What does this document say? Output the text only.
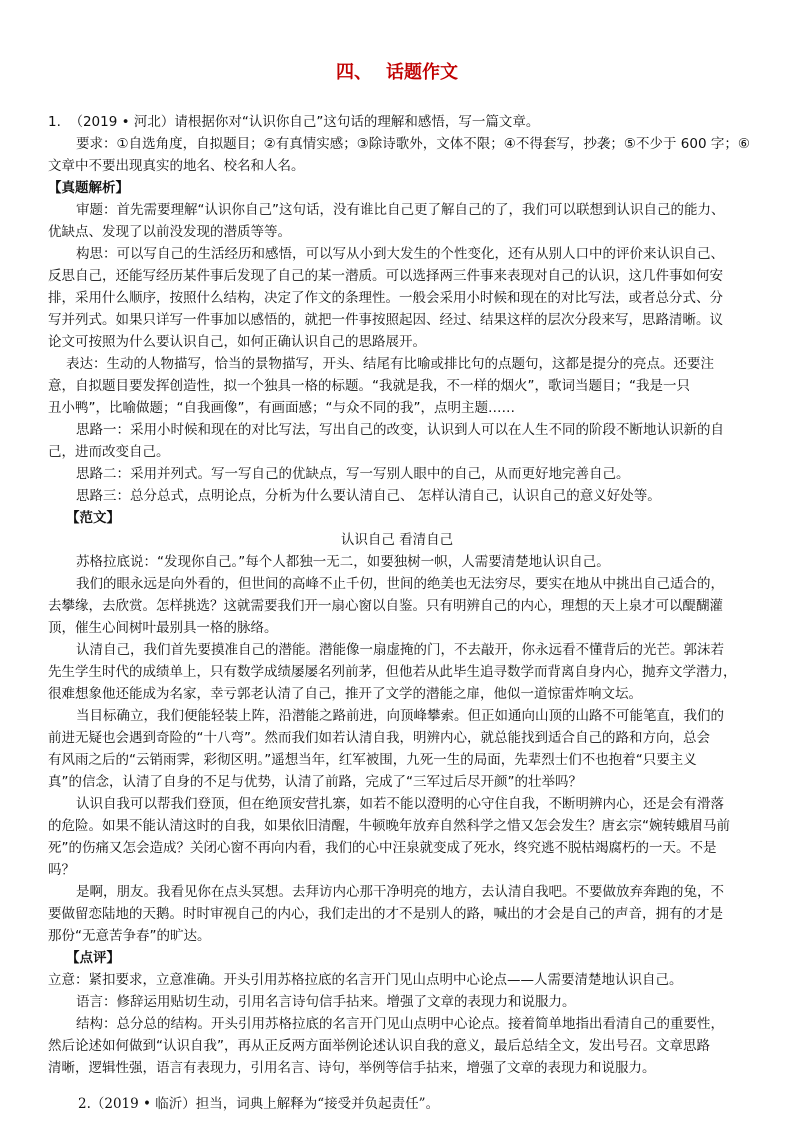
四、 话题作文
1.  （2019 • 河北）请根据你对“认识你自己”这句话的理解和感悟，写一篇文章。
要求：①自选角度，自拟题目；②有真情实感；③除诗歌外，文体不限；④不得套写，抄袭；⑤不少于 600 字；⑥
文章中不要出现真实的地名、校名和人名。
【真题解析】
审题：首先需要理解“认识你自己”这句话，没有谁比自己更了解自己的了，我们可以联想到认识自己的能力、
优缺点、发现了以前没发现的潜质等等。
构思：可以写自己的生活经历和感悟，可以写从小到大发生的个性变化，还有从别人口中的评价来认识自己、
反思自己，还能写经历某件事后发现了自己的某一潜质。可以选择两三件事来表现对自己的认识，这几件事如何安
排，采用什么顺序，按照什么结构，决定了作文的条理性。一般会采用小时候和现在的对比写法，或者总分式、分
写并列式。如果只详写一件事加以感悟的，就把一件事按照起因、经过、结果这样的层次分段来写，思路清晰。议
论文可按照为什么要认识自己，如何正确认识自己的思路展开。
表达：生动的人物描写，恰当的景物描写，开头、结尾有比喻或排比句的点题句，这都是提分的亮点。还要注
意，自拟题目要发挥创造性，拟一个独具一格的标题。“我就是我，不一样的烟火”，歌词当题目；“我是一只
丑小鸭”，比喻做题；“自我画像”，有画面感；“与众不同的我”，点明主题……
思路一：采用小时候和现在的对比写法，写出自己的改变，认识到人可以在人生不同的阶段不断地认识新的自
己，进而改变自己。
思路二：采用并列式。写一写自己的优缺点，写一写别人眼中的自己，从而更好地完善自己。
思路三：总分总式，点明论点，分析为什么要认清自己、 怎样认清自己，认识自己的意义好处等。
【范文】
认识自己 看清自己
苏格拉底说：“发现你自己。”每个人都独一无二，如要独树一帜，人需要清楚地认识自己。
我们的眼永远是向外看的，但世间的高峰不止千仞，世间的绝美也无法穷尽，要实在地从中挑出自己适合的，
去攀缘，去欣赏。怎样挑选？这就需要我们开一扇心窗以自鉴。只有明辨自己的内心，理想的天上泉才可以醍醐灌
顶，催生心间树叶最别具一格的脉络。
认清自己，我们首先要摸准自己的潜能。潜能像一扇虚掩的门，不去敲开，你永远看不懂背后的光芒。郭沫若
先生学生时代的成绩单上，只有数学成绩屡屡名列前茅，但他若从此毕生追寻数学而背离自身内心，抛弃文学潜力，
很难想象他还能成为名家，幸亏郭老认清了自己，推开了文学的潜能之扉，他似一道惊雷炸响文坛。
当目标确立，我们便能轻装上阵，沿潜能之路前进，向顶峰攀索。但正如通向山顶的山路不可能笔直，我们的
前进无疑也会遇到奇险的“十八弯”。然而我们如若认清自我，明辨内心，就总能找到适合自己的路和方向，总会
有风雨之后的“云销雨霁，彩彻区明。”遥想当年，红军被围，九死一生的局面，先辈烈士们不也抱着“只要主义
真”的信念，认清了自身的不足与优势，认清了前路，完成了“三军过后尽开颜”的壮举吗？
认识自我可以帮我们登顶，但在绝顶安营扎寨，如若不能以澄明的心守住自我，不断明辨内心，还是会有滑落
的危险。如果不能认清这时的自我，如果依旧清醒，牛顿晚年放弃自然科学之惜又怎会发生？唐玄宗“婉转蛾眉马前
死”的伤痛又怎会造成？关闭心窗不再向内看，我们的心中汪泉就变成了死水，终究逃不脱枯竭腐朽的一天。不是
吗？
是啊，朋友。我看见你在点头冥想。去拜访内心那干净明亮的地方，去认清自我吧。不要做放弃奔跑的兔，不
要做留恋陆地的天鹅。时时审视自己的内心，我们走出的才不是别人的路，喊出的才会是自己的声音，拥有的才是
那份“无意苦争春”的旷达。
【点评】
立意：紧扣要求，立意准确。开头引用苏格拉底的名言开门见山点明中心论点——人需要清楚地认识自己。
语言：修辞运用贴切生动，引用名言诗句信手拈来。增强了文章的表现力和说服力。
结构：总分总的结构。开头引用苏格拉底的名言开门见山点明中心论点。接着简单地指出看清自己的重要性，
然后论述如何做到“认识自我”，再从正反两方面举例论述认识自我的意义，最后总结全文，发出号召。文章思路
清晰，逻辑性强，语言有表现力，引用名言、诗句，举例等信手拈来，增强了文章的表现力和说服力。
2.（2019 • 临沂）担当，词典上解释为“接受并负起责任”。
